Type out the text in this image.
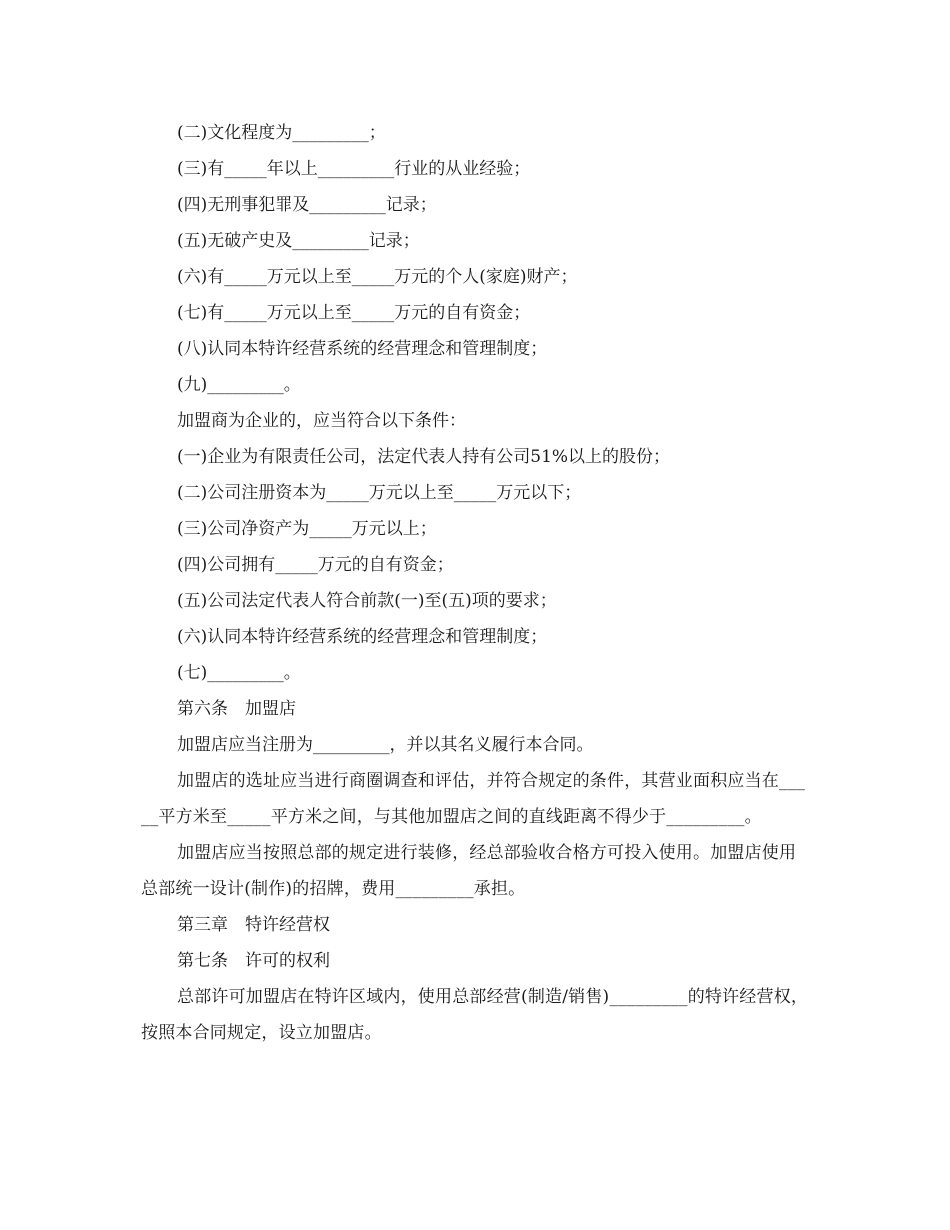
(二)文化程度为_________；
(三)有_____年以上_________行业的从业经验；
(四)无刑事犯罪及_________记录；
(五)无破产史及_________记录；
(六)有_____万元以上至_____万元的个人(家庭)财产；
(七)有_____万元以上至_____万元的自有资金；
(八)认同本特许经营系统的经营理念和管理制度；
(九)_________。
加盟商为企业的，应当符合以下条件：
(一)企业为有限责任公司，法定代表人持有公司51%以上的股份；
(二)公司注册资本为_____万元以上至_____万元以下；
(三)公司净资产为_____万元以上；
(四)公司拥有_____万元的自有资金；
(五)公司法定代表人符合前款(一)至(五)项的要求；
(六)认同本特许经营系统的经营理念和管理制度；
(七)_________。
第六条　加盟店
加盟店应当注册为_________，并以其名义履行本合同。

加盟店的选址应当进行商圈调查和评估，并符合规定的条件，其营业面积应当在_____平方米至_____平方米之间，与其他加盟店之间的直线距离不得少于_________。

加盟店应当按照总部的规定进行装修，经总部验收合格方可投入使用。加盟店使用总部统一设计(制作)的招牌，费用_________承担。

第三章　特许经营权
第七条　许可的权利

总部许可加盟店在特许区域内，使用总部经营(制造/销售)_________的特许经营权，按照本合同规定，设立加盟店。
